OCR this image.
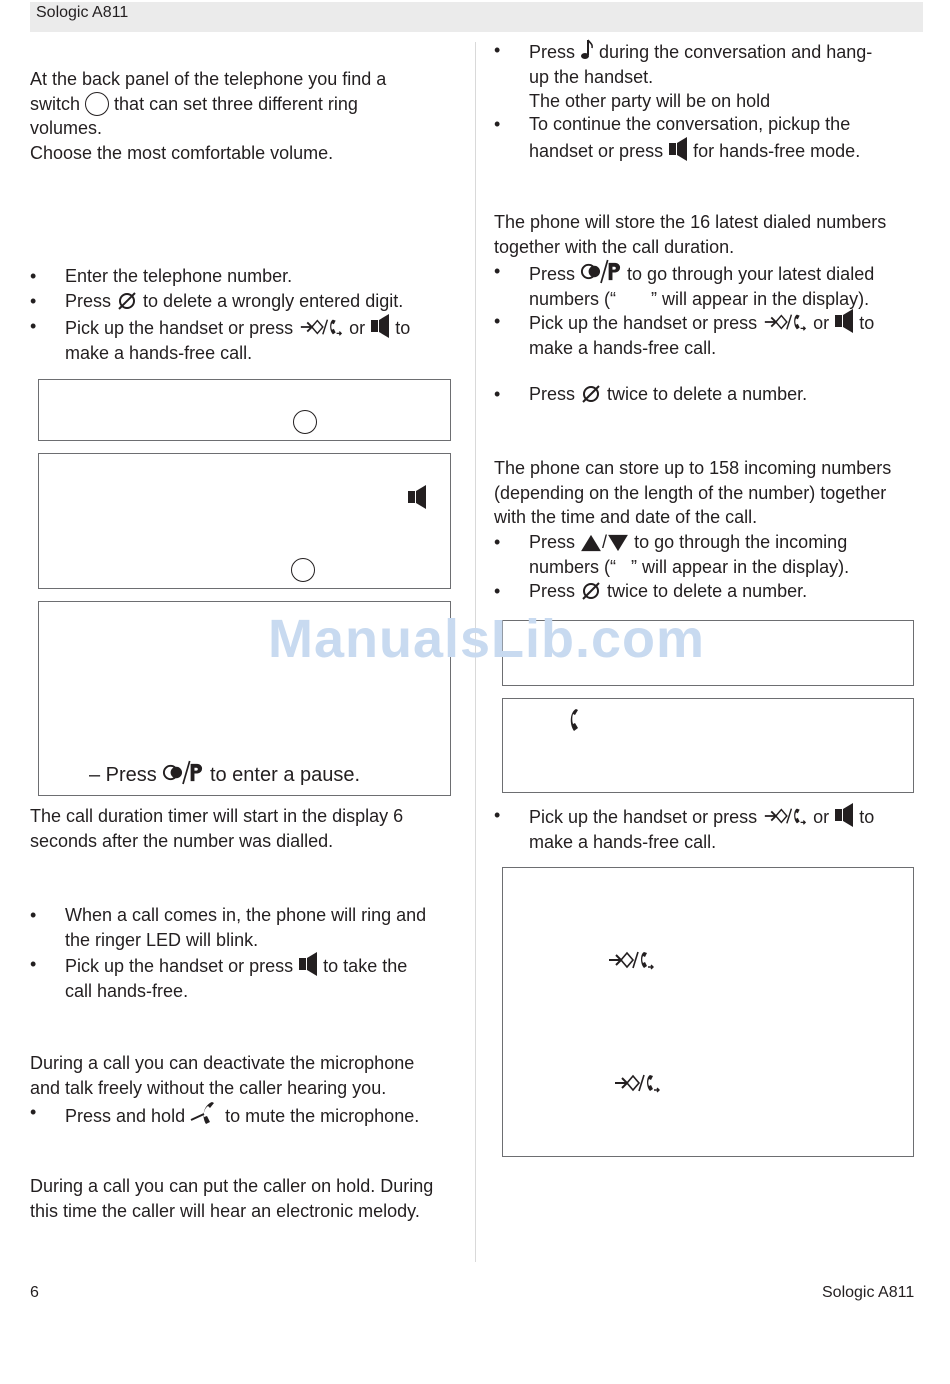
Sologic A811
At the back panel of the telephone you find a
switch that can set three different ring
volumes.
Choose the most comfortable volume.
• Enter the telephone number.
• Press to delete a wrongly entered digit.
• Pick up the handset or press	or to
make a hands-free call.
– Press	to enter a pause.
The call duration timer will start in the display 6
seconds after the number was dialled.
• When a call comes in, the phone will ring and
the ringer LED will blink.
• Pick up the handset or press to take the
call hands-free.
During a call you can deactivate the microphone
and talk freely without the caller hearing you.
• Press and hold to mute the microphone.
During a call you can put the caller on hold. During
this time the caller will hear an electronic melody.
• Press during the conversation and hang-
up the handset.
The other party will be on hold
• To continue the conversation, pickup the
handset or press for hands-free mode.
The phone will store the 16 latest dialed numbers
together with the call duration.
• Press	to go through your latest dialed
numbers (“       ” will appear in the display).
• Pick up the handset or press	or to
make a hands-free call.
• Press twice to delete a number.
The phone can store up to 158 incoming numbers
(depending on the length of the number) together
with the time and date of the call.
• Press / to go through the incoming
numbers (“   ” will appear in the display).
• Press twice to delete a number.
• Pick up the handset or press	or to
make a hands-free call.
ManualsLib.com
6	Sologic A811
